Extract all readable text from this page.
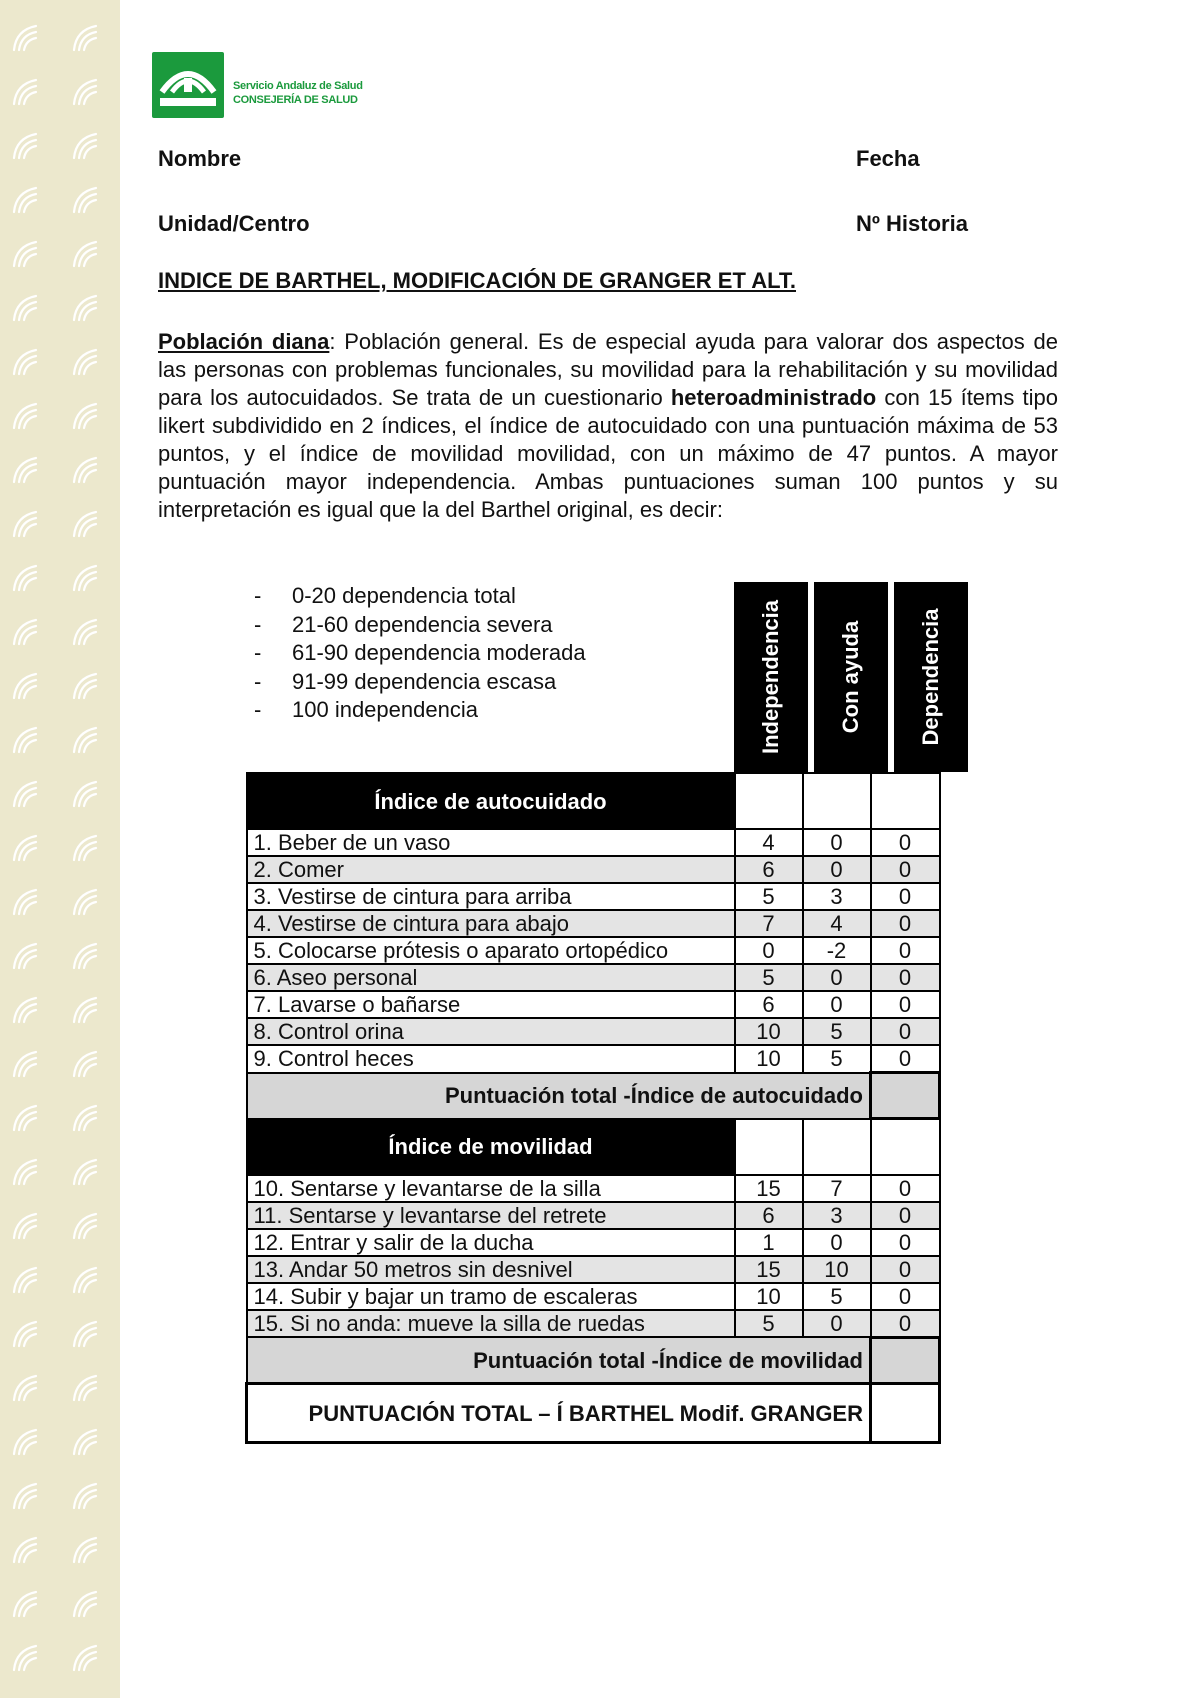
Servicio Andaluz de Salud
CONSEJERÍA DE SALUD
Nombre	Fecha
Unidad/Centro	Nº Historia
INDICE DE BARTHEL, MODIFICACIÓN DE GRANGER ET ALT.
Población diana: Población general. Es de especial ayuda para valorar dos aspectos de las personas con problemas funcionales, su movilidad para la rehabilitación y su movilidad para los autocuidados. Se trata de un cuestionario heteroadministrado con 15 ítems tipo likert subdividido en 2 índices, el índice de autocuidado con una puntuación máxima de 53 puntos, y el índice de movilidad movilidad, con un máximo de 47 puntos. A mayor puntuación mayor independencia. Ambas puntuaciones suman 100 puntos y su interpretación es igual que la del Barthel original, es decir:
- 0-20 dependencia total
- 21-60 dependencia severa
- 61-90 dependencia moderada
- 91-99 dependencia escasa
- 100 independencia	Independencia	Con ayuda	Dependencia
Índice de autocuidado			
1. Beber de un vaso	4	0	0
2. Comer	6	0	0
3. Vestirse de cintura para arriba	5	3	0
4. Vestirse de cintura para abajo	7	4	0
5. Colocarse prótesis o aparato ortopédico	0	-2	0
6. Aseo personal	5	0	0
7. Lavarse o bañarse	6	0	0
8. Control orina	10	5	0
9. Control heces	10	5	0
Puntuación total -Índice de autocuidado			
Índice de movilidad			
10. Sentarse y levantarse de la silla	15	7	0
11. Sentarse y levantarse del retrete	6	3	0
12. Entrar y salir de la ducha	1	0	0
13. Andar 50 metros sin desnivel	15	10	0
14. Subir y bajar un tramo de escaleras	10	5	0
15. Si no anda: mueve la silla de ruedas	5	0	0
Puntuación total -Índice de movilidad			
PUNTUACIÓN TOTAL – Í BARTHEL Modif. GRANGER			
